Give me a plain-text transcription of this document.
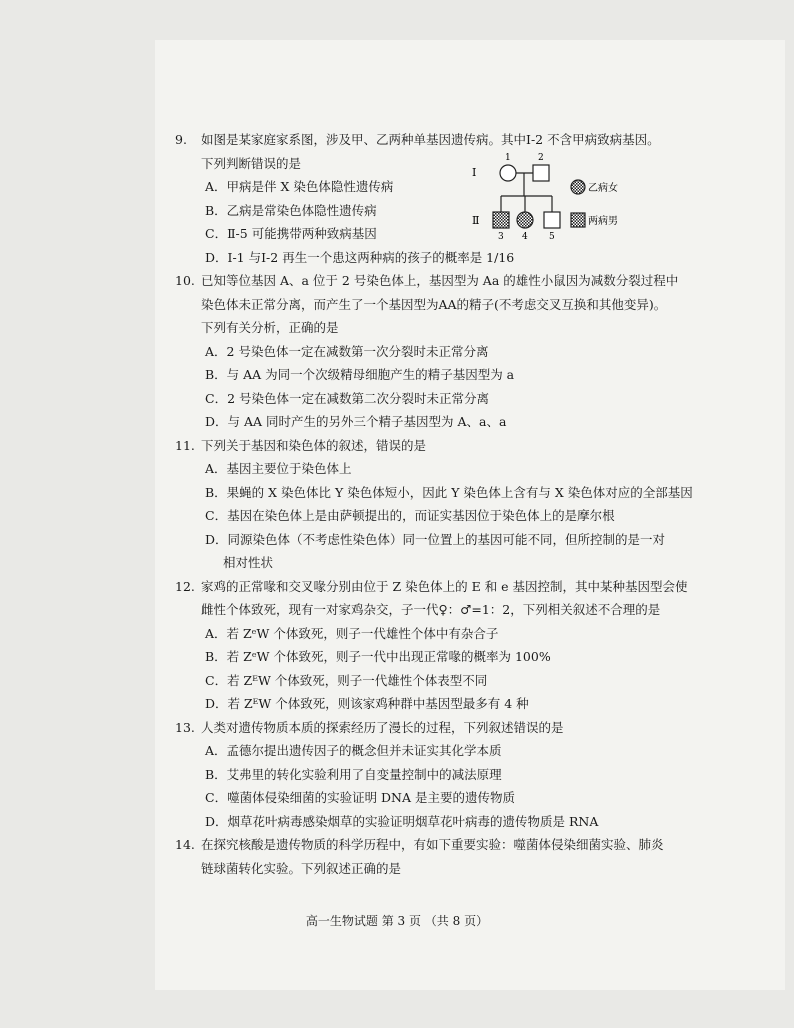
9. 如图是某家庭家系图，涉及甲、乙两种单基因遗传病。其中Ⅰ-2 不含甲病致病基因。
下列判断错误的是
A．甲病是伴 X 染色体隐性遗传病
B．乙病是常染色体隐性遗传病
C．Ⅱ-5 可能携带两种致病基因
D．Ⅰ-1 与Ⅰ-2 再生一个患这两种病的孩子的概率是 1/16
10. 已知等位基因 A、a 位于 2 号染色体上，基因型为 Aa 的雄性小鼠因为减数分裂过程中
染色体未正常分离，而产生了一个基因型为AA的精子(不考虑交叉互换和其他变异)。
下列有关分析，正确的是
A．2 号染色体一定在减数第一次分裂时未正常分离
B．与 AA 为同一个次级精母细胞产生的精子基因型为 a
C．2 号染色体一定在减数第二次分裂时未正常分离
D．与 AA 同时产生的另外三个精子基因型为 A、a、a
11. 下列关于基因和染色体的叙述，错误的是
A．基因主要位于染色体上
B．果蝇的 X 染色体比 Y 染色体短小，因此 Y 染色体上含有与 X 染色体对应的全部基因
C．基因在染色体上是由萨顿提出的，而证实基因位于染色体上的是摩尔根
D．同源染色体（不考虑性染色体）同一位置上的基因可能不同，但所控制的是一对
相对性状
12. 家鸡的正常喙和交叉喙分别由位于 Z 染色体上的 E 和 e 基因控制，其中某种基因型会使
雌性个体致死，现有一对家鸡杂交，子一代♀：♂=1：2，下列相关叙述不合理的是
A．若 ZᵉW 个体致死，则子一代雄性个体中有杂合子
B．若 ZᵉW 个体致死，则子一代中出现正常喙的概率为 100%
C．若 ZᴱW 个体致死，则子一代雄性个体表型不同
D．若 ZᴱW 个体致死，则该家鸡种群中基因型最多有 4 种
13. 人类对遗传物质本质的探索经历了漫长的过程，下列叙述错误的是
A．孟德尔提出遗传因子的概念但并未证实其化学本质
B．艾弗里的转化实验利用了自变量控制中的减法原理
C．噬菌体侵染细菌的实验证明 DNA 是主要的遗传物质
D．烟草花叶病毒感染烟草的实验证明烟草花叶病毒的遗传物质是 RNA
14. 在探究核酸是遗传物质的科学历程中，有如下重要实验：噬菌体侵染细菌实验、肺炎
链球菌转化实验。下列叙述正确的是
Ⅰ
Ⅱ
1	2
3 4 5
乙病女
两病男
高一生物试题 第 3 页 （共 8 页）
